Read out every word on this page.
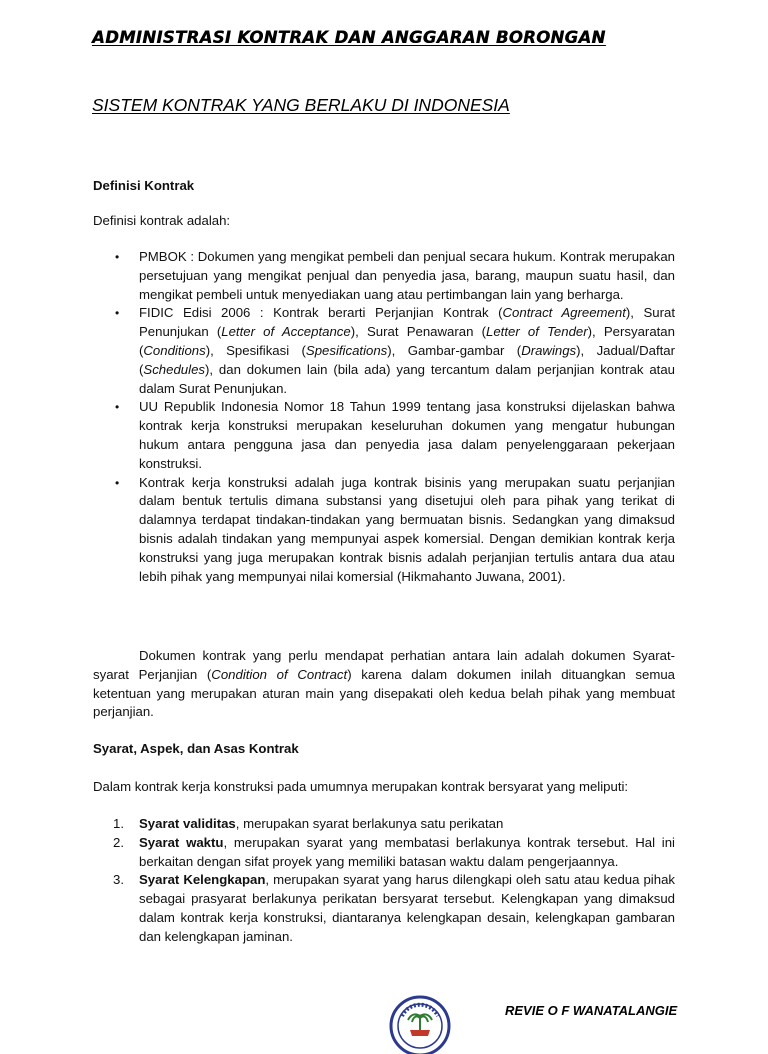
ADMINISTRASI KONTRAK DAN ANGGARAN BORONGAN
SISTEM KONTRAK YANG BERLAKU DI INDONESIA
Definisi Kontrak
Definisi kontrak adalah:
• PMBOK : Dokumen yang mengikat pembeli dan penjual secara hukum. Kontrak merupakan persetujuan yang mengikat penjual dan penyedia jasa, barang, maupun suatu hasil, dan mengikat pembeli untuk menyediakan uang atau pertimbangan lain yang berharga.
• FIDIC Edisi 2006 : Kontrak berarti Perjanjian Kontrak (Contract Agreement), Surat Penunjukan (Letter of Acceptance), Surat Penawaran (Letter of Tender), Persyaratan (Conditions), Spesifikasi (Spesifications), Gambar-gambar (Drawings), Jadual/Daftar (Schedules), dan dokumen lain (bila ada) yang tercantum dalam perjanjian kontrak atau dalam Surat Penunjukan.
• UU Republik Indonesia Nomor 18 Tahun 1999 tentang jasa konstruksi dijelaskan bahwa kontrak kerja konstruksi merupakan keseluruhan dokumen yang mengatur hubungan hukum antara pengguna jasa dan penyedia jasa dalam penyelenggaraan pekerjaan konstruksi.
• Kontrak kerja konstruksi adalah juga kontrak bisinis yang merupakan suatu perjanjian dalam bentuk tertulis dimana substansi yang disetujui oleh para pihak yang terikat di dalamnya terdapat tindakan-tindakan yang bermuatan bisnis. Sedangkan yang dimaksud bisnis adalah tindakan yang mempunyai aspek komersial. Dengan demikian kontrak kerja konstruksi yang juga merupakan kontrak bisnis adalah perjanjian tertulis antara dua atau lebih pihak yang mempunyai nilai komersial (Hikmahanto Juwana, 2001).
Dokumen kontrak yang perlu mendapat perhatian antara lain adalah dokumen Syarat-syarat Perjanjian (Condition of Contract) karena dalam dokumen inilah dituangkan semua ketentuan yang merupakan aturan main yang disepakati oleh kedua belah pihak yang membuat perjanjian.
Syarat, Aspek, dan Asas Kontrak
Dalam kontrak kerja konstruksi pada umumnya merupakan kontrak bersyarat yang meliputi:
1. Syarat validitas, merupakan syarat berlakunya satu perikatan
2. Syarat waktu, merupakan syarat yang membatasi berlakunya kontrak tersebut. Hal ini berkaitan dengan sifat proyek yang memiliki batasan waktu dalam pengerjaannya.
3. Syarat Kelengkapan, merupakan syarat yang harus dilengkapi oleh satu atau kedua pihak sebagai prasyarat berlakunya perikatan bersyarat tersebut. Kelengkapan yang dimaksud dalam kontrak kerja konstruksi, diantaranya kelengkapan desain, kelengkapan gambaran dan kelengkapan jaminan.
REVIE O F WANATALANGIE
